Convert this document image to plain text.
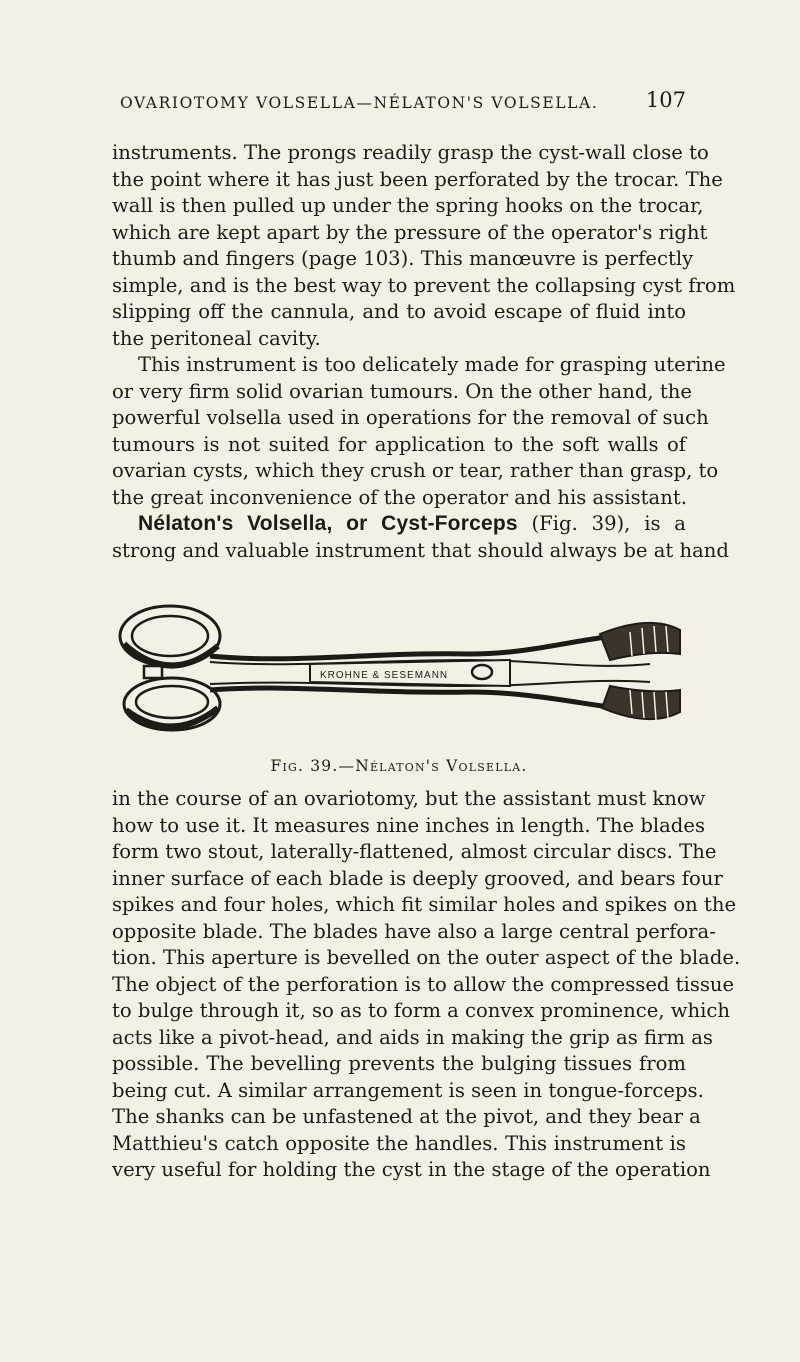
OVARIOTOMY VOLSELLA—NÉLATON'S VOLSELLA. 107
instruments. The prongs readily grasp the cyst-wall close to
the point where it has just been perforated by the trocar. The
wall is then pulled up under the spring hooks on the trocar,
which are kept apart by the pressure of the operator's right
thumb and fingers (page 103). This manœuvre is perfectly
simple, and is the best way to prevent the collapsing cyst from
slipping off the cannula, and to avoid escape of fluid into
the peritoneal cavity.
This instrument is too delicately made for grasping uterine
or very firm solid ovarian tumours. On the other hand, the
powerful volsella used in operations for the removal of such
tumours is not suited for application to the soft walls of
ovarian cysts, which they crush or tear, rather than grasp, to
the great inconvenience of the operator and his assistant.
Nélaton's Volsella, or Cyst-Forceps (Fig. 39), is a
strong and valuable instrument that should always be at hand
KROHNE & SESEMANN
Fig. 39.—Nélaton's Volsella.
in the course of an ovariotomy, but the assistant must know
how to use it. It measures nine inches in length. The blades
form two stout, laterally-flattened, almost circular discs. The
inner surface of each blade is deeply grooved, and bears four
spikes and four holes, which fit similar holes and spikes on the
opposite blade. The blades have also a large central perfora-
tion. This aperture is bevelled on the outer aspect of the blade.
The object of the perforation is to allow the compressed tissue
to bulge through it, so as to form a convex prominence, which
acts like a pivot-head, and aids in making the grip as firm as
possible. The bevelling prevents the bulging tissues from
being cut. A similar arrangement is seen in tongue-forceps.
The shanks can be unfastened at the pivot, and they bear a
Matthieu's catch opposite the handles. This instrument is
very useful for holding the cyst in the stage of the operation
